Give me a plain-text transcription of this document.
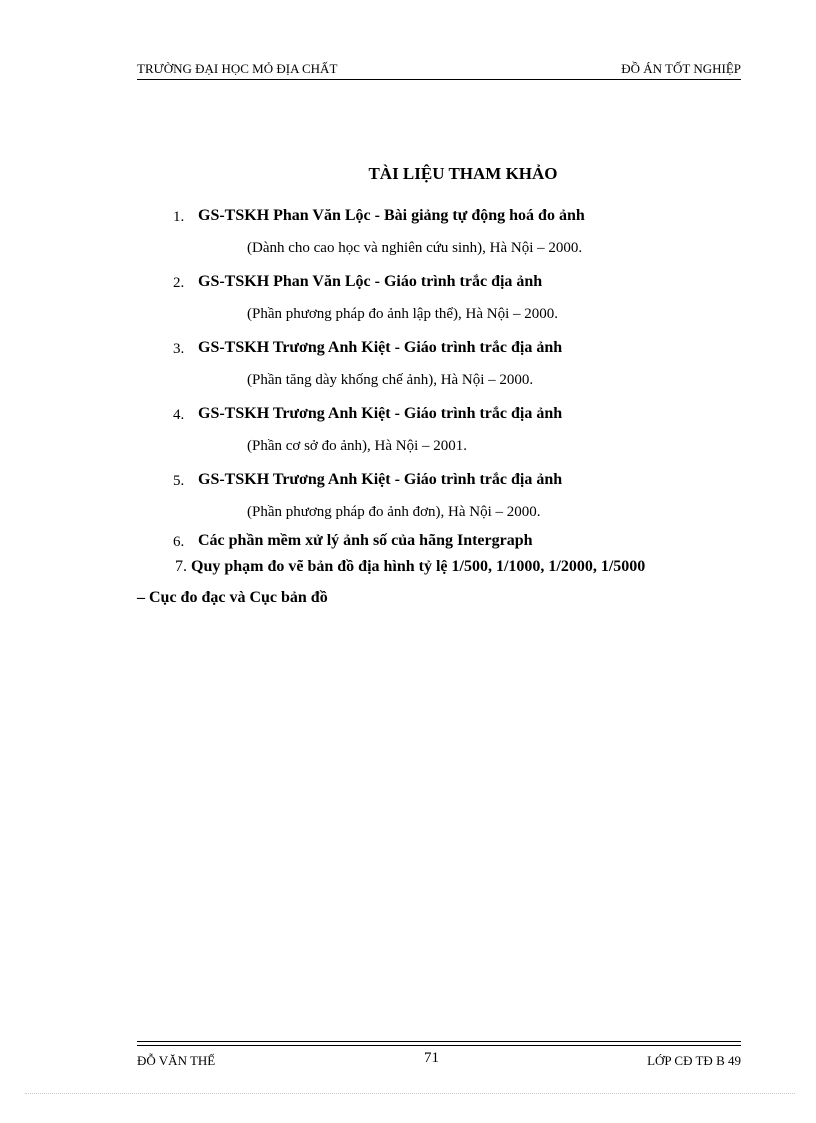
TRƯỜNG ĐẠI HỌC MỎ ĐỊA CHẤT	ĐỒ ÁN TỐT NGHIỆP
TÀI LIỆU THAM KHẢO
1. GS-TSKH Phan Văn Lộc - Bài giảng tự động hoá đo ảnh
(Dành cho cao học và nghiên cứu sinh), Hà Nội – 2000.
2. GS-TSKH Phan Văn Lộc - Giáo trình trắc địa ảnh
(Phần phương pháp đo ảnh lập thể), Hà Nội – 2000.
3. GS-TSKH Trương Anh Kiệt - Giáo trình trắc địa ảnh
(Phần tăng dày khống chế ảnh), Hà Nội – 2000.
4. GS-TSKH Trương Anh Kiệt - Giáo trình trắc địa ảnh
(Phần cơ sở đo ảnh), Hà Nội – 2001.
5. GS-TSKH Trương Anh Kiệt - Giáo trình trắc địa ảnh
(Phần phương pháp đo ảnh đơn), Hà Nội – 2000.
6. Các phần mềm xử lý ảnh số của hãng Intergraph
7. Quy phạm đo vẽ bản đồ địa hình tỷ lệ 1/500, 1/1000, 1/2000, 1/5000
– Cục đo đạc và Cục bản đồ
ĐỖ VĂN THẾ	71	LỚP CĐ TĐ B 49
